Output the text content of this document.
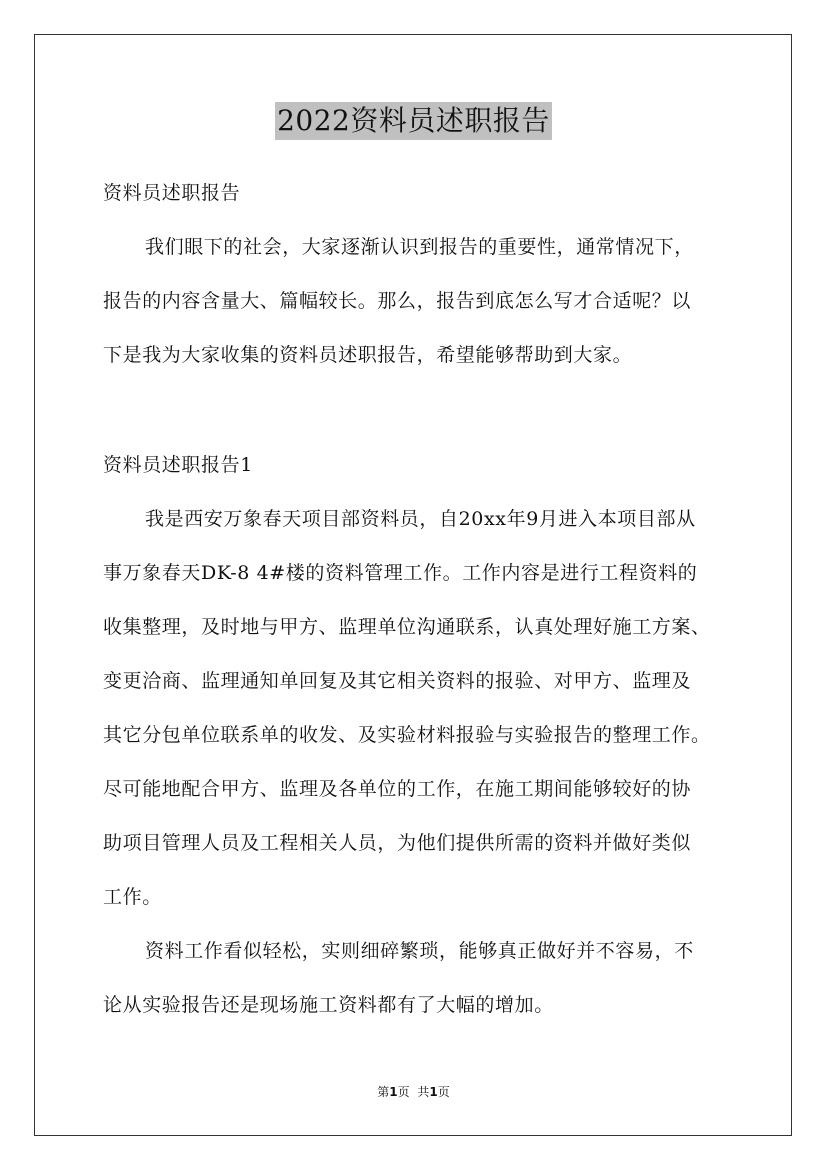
2022资料员述职报告
资料员述职报告
我们眼下的社会，大家逐渐认识到报告的重要性，通常情况下，
报告的内容含量大、篇幅较长。那么，报告到底怎么写才合适呢？以
下是我为大家收集的资料员述职报告，希望能够帮助到大家。
资料员述职报告1
我是西安万象春天项目部资料员，自20xx年9月进入本项目部从
事万象春天DK-8 4#楼的资料管理工作。工作内容是进行工程资料的
收集整理，及时地与甲方、监理单位沟通联系，认真处理好施工方案、
变更洽商、监理通知单回复及其它相关资料的报验、对甲方、监理及
其它分包单位联系单的收发、及实验材料报验与实验报告的整理工作。
尽可能地配合甲方、监理及各单位的工作，在施工期间能够较好的协
助项目管理人员及工程相关人员，为他们提供所需的资料并做好类似
工作。
资料工作看似轻松，实则细碎繁琐，能够真正做好并不容易，不
论从实验报告还是现场施工资料都有了大幅的增加。
第1页 共1页
